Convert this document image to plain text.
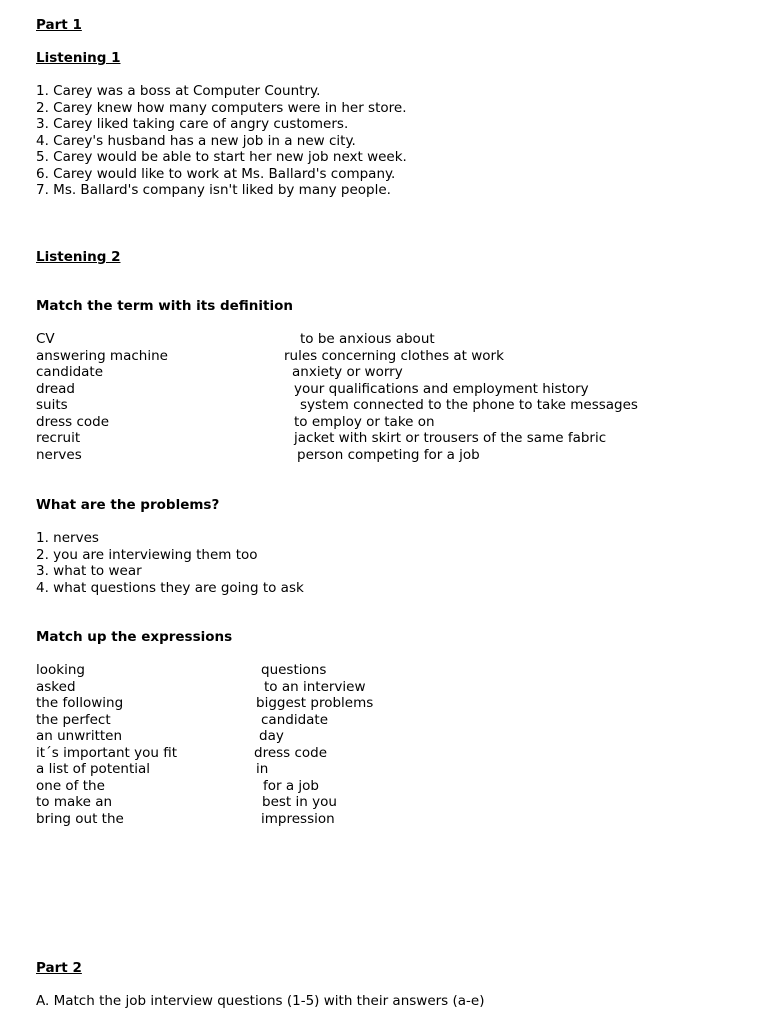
Part 1
Listening 1
1. Carey was a boss at Computer Country.
2. Carey knew how many computers were in her store.
3. Carey liked taking care of angry customers.
4. Carey's husband has a new job in a new city.
5. Carey would be able to start her new job next week.
6. Carey would like to work at Ms. Ballard's company.
7. Ms. Ballard's company isn't liked by many people.
Listening 2
Match the term with its definition
CV	to be anxious about
answering machine	rules concerning clothes at work
candidate	anxiety or worry
dread	your qualifications and employment history
suits	system connected to the phone to take messages
dress code	to employ or take on
recruit	jacket with skirt or trousers of the same fabric
nerves	person competing for a job
What are the problems?
1. nerves
2. you are interviewing them too
3. what to wear
4. what questions they are going to ask
Match up the expressions
looking	questions
asked	to an interview
the following	biggest problems
the perfect	candidate
an unwritten	day
it´s important you fit	dress code
a list of potential	in
one of the	for a job
to make an	best in you
bring out the	impression
Part 2
A. Match the job interview questions (1-5) with their answers (a-e)
